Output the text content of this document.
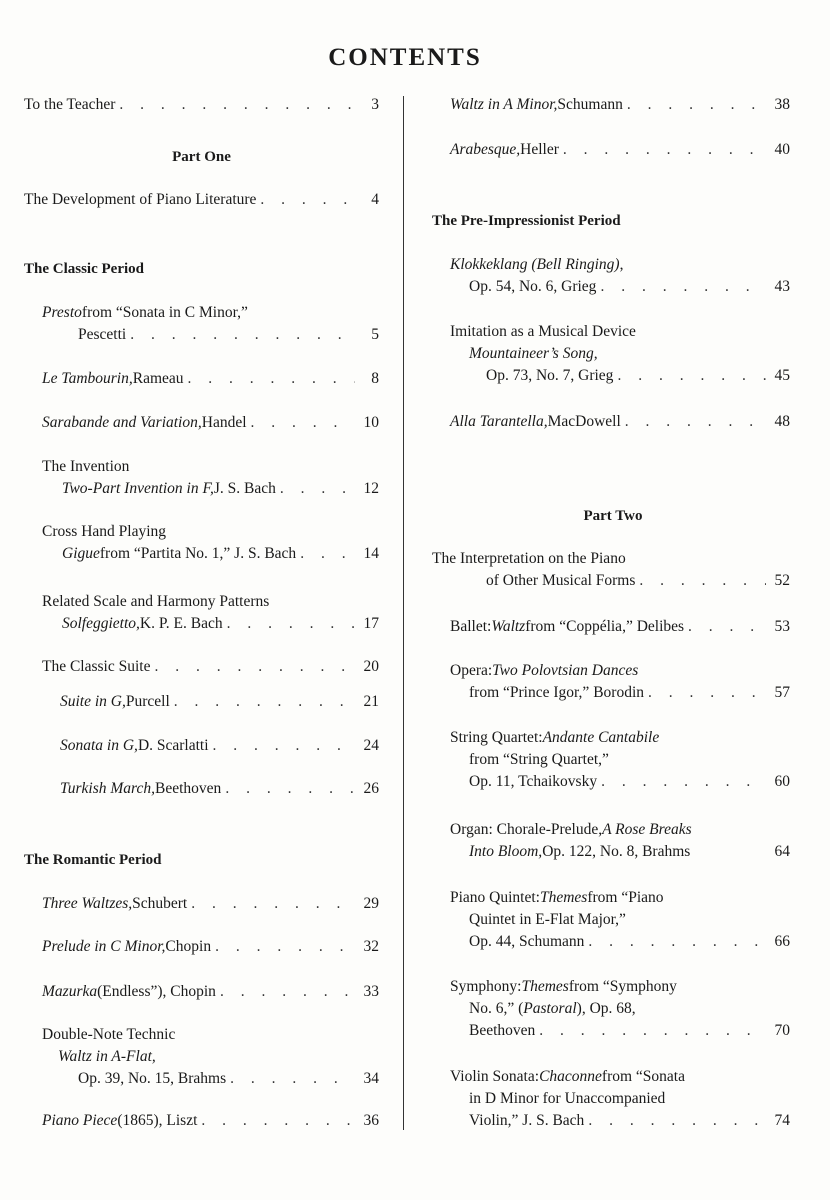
CONTENTS
To the Teacher . . .	3
Part One
The Development of Piano Literature . . .	4
The Classic Period
Presto from “Sonata in C Minor,”
Pescetti . . .	5
Le Tambourin, Rameau . . .	8
Sarabande and Variation, Handel . . .	10
The Invention
Two-Part Invention in F, J. S. Bach . . .	12
Cross Hand Playing
Gigue from “Partita No. 1,” J. S. Bach . . .	14
Related Scale and Harmony Patterns
Solfeggietto, K. P. E. Bach . . .	17
The Classic Suite . . .	20
Suite in G, Purcell . . .	21
Sonata in G, D. Scarlatti . . .	24
Turkish March, Beethoven . . .	26
The Romantic Period
Three Waltzes, Schubert . . .	29
Prelude in C Minor, Chopin . . .	32
Mazurka (Endless”), Chopin . . .	33
Double-Note Technic
Waltz in A-Flat,
Op. 39, No. 15, Brahms . . .	34
Piano Piece (1865), Liszt . . .	36
Waltz in A Minor, Schumann . . .	38
Arabesque, Heller . . .	40
The Pre-Impressionist Period
Klokkeklang (Bell Ringing) ,
Op. 54, No. 6, Grieg . . .	43
Imitation as a Musical Device
Mountaineer’s Song,
Op. 73, No. 7, Grieg . . .	45
Alla Tarantella, MacDowell . . .	48
Part Two
The Interpretation on the Piano
of Other Musical Forms . . .	52
Ballet: Waltz from “Coppélia,” Delibes . . .	53
Opera: Two Polovtsian Dances
from “Prince Igor,” Borodin . . .	57
String Quartet: Andante Cantabile
from “String Quartet,”
Op. 11, Tchaikovsky . . .	60
Organ: Chorale-Prelude, A Rose Breaks
Into Bloom, Op. 122, No. 8, Brahms	64
Piano Quintet: Themes from “Piano
Quintet in E-Flat Major,”
Op. 44, Schumann . . .	66
Symphony: Themes from “Symphony
No. 6,” ( Pastoral ), Op. 68,
Beethoven . . .	70
Violin Sonata: Chaconne from “Sonata
in D Minor for Unaccompanied
Violin,” J. S. Bach . . .	74
